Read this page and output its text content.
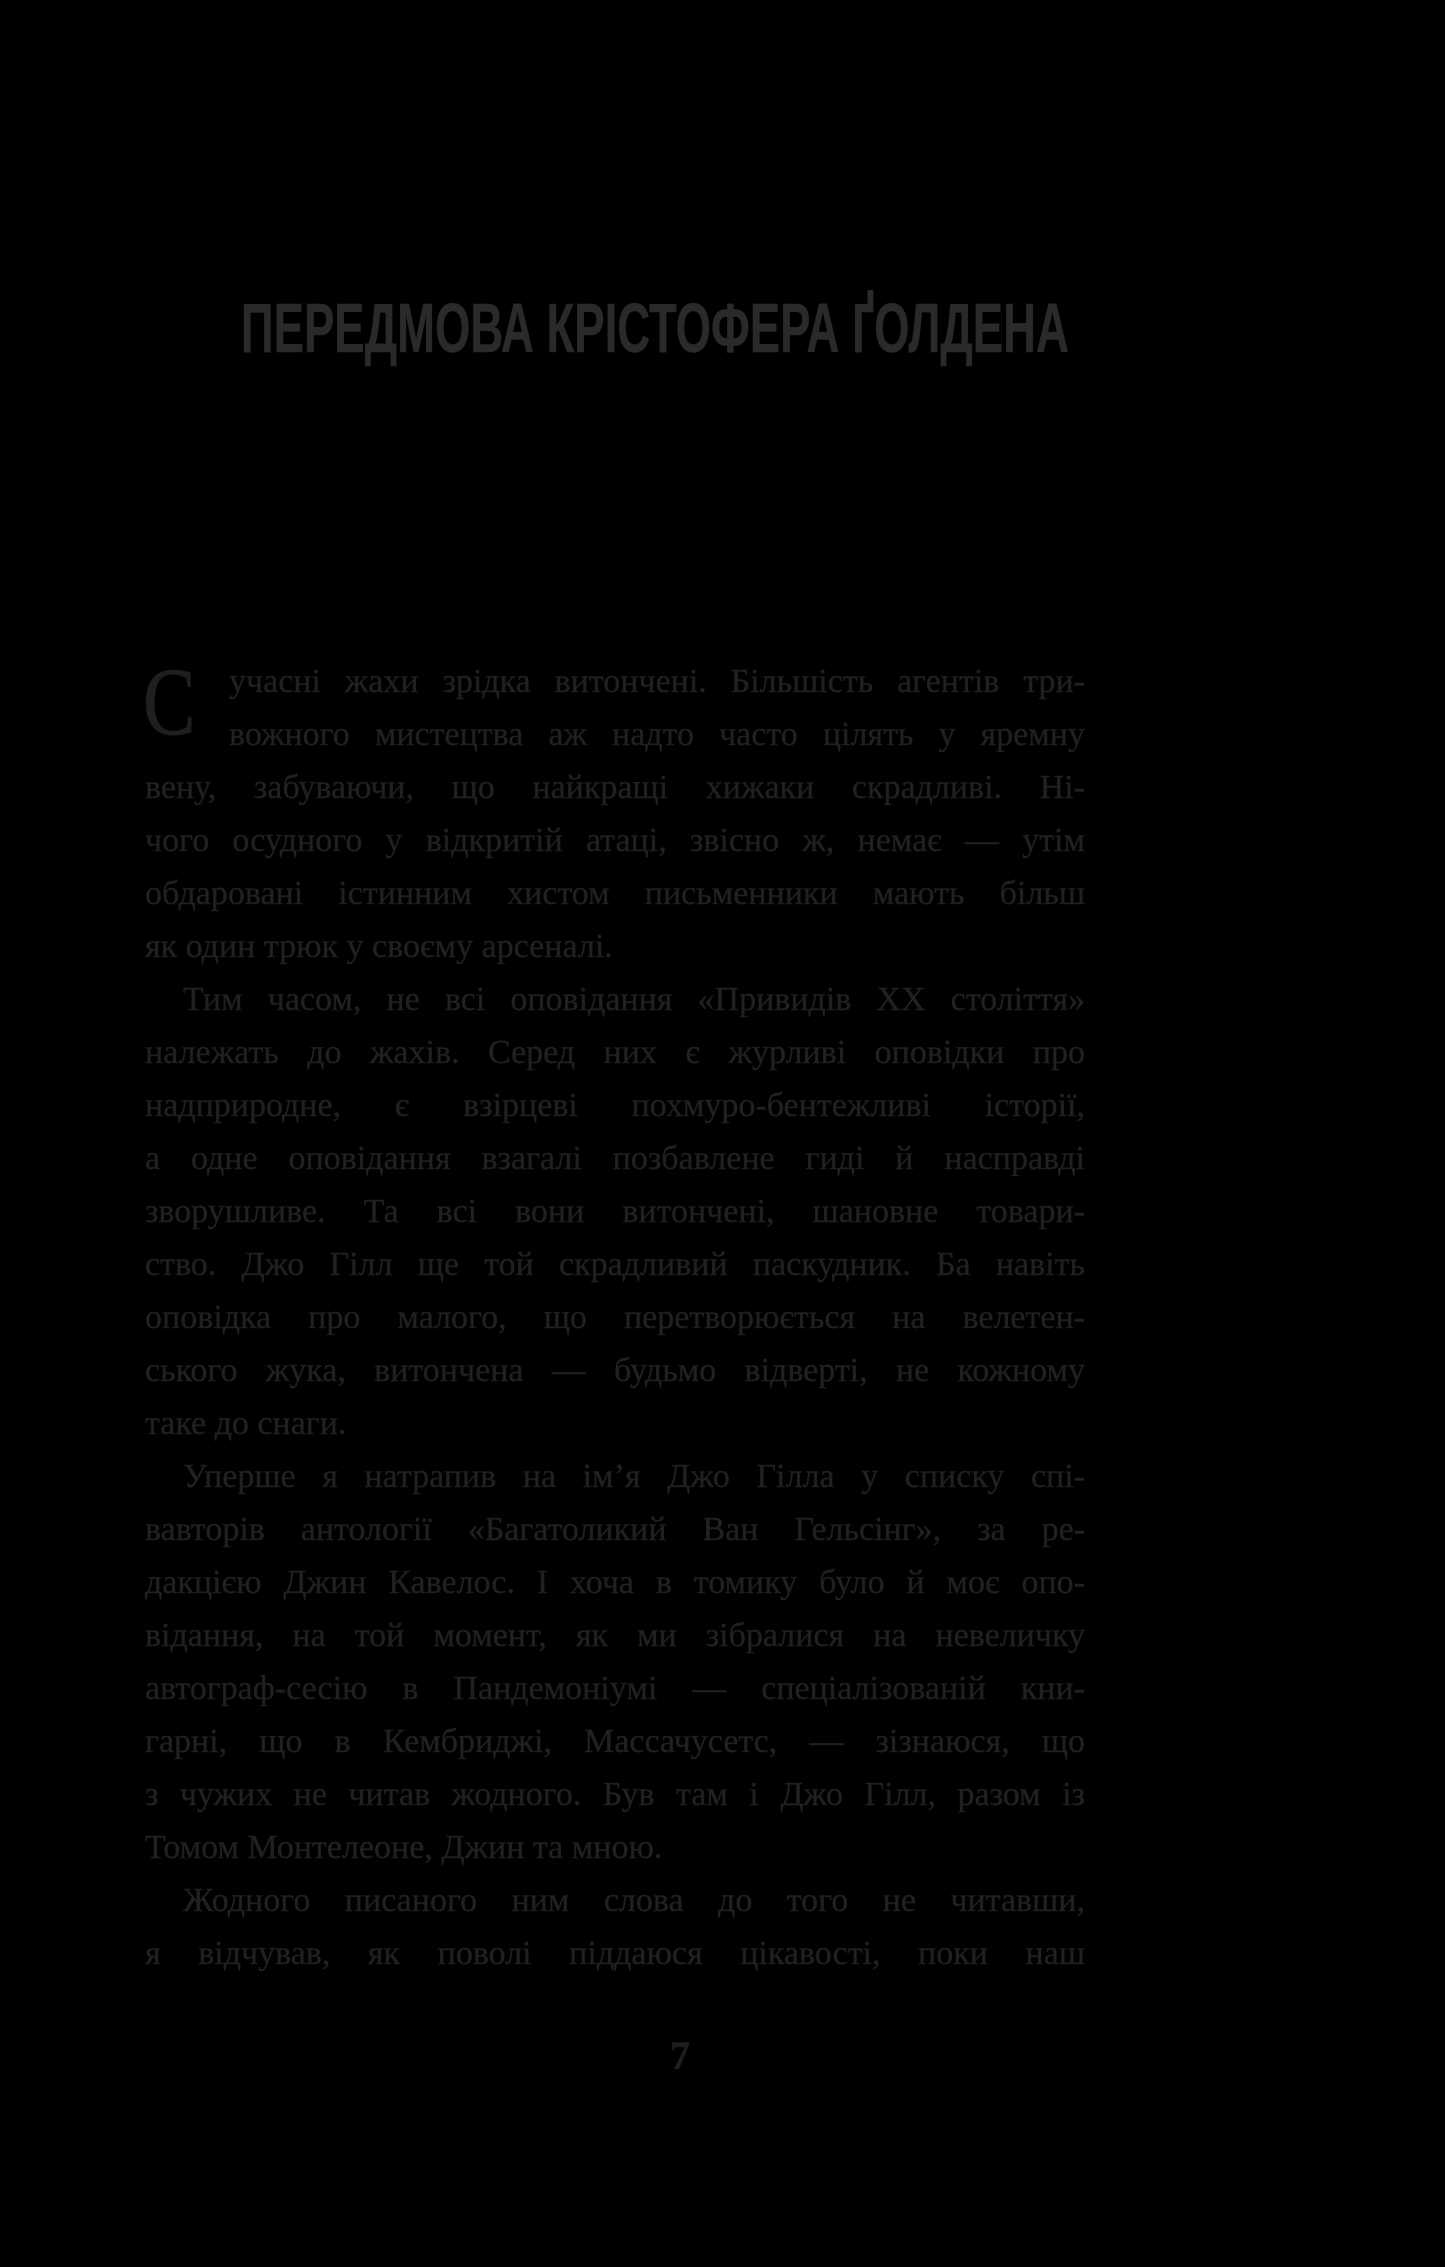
ПЕРЕДМОВА КРІСТОФЕРА ҐОЛДЕНА
С учасні жахи зрідка витончені. Більшість агентів три-
вожного мистецтва аж надто часто цілять у яремну
вену, забуваючи, що найкращі хижаки скрадливі. Ні-
чого осудного у відкритій атаці, звісно ж, немає — утім
обдаровані істинним хистом письменники мають більш
як один трюк у своєму арсеналі.
Тим часом, не всі оповідання «Привидів ХХ століття»
належать до жахів. Серед них є журливі оповідки про
надприродне, є взірцеві похмуро-бентежливі історії,
а одне оповідання взагалі позбавлене гиді й насправді
зворушливе. Та всі вони витончені, шановне товари-
ство. Джо Гілл ще той скрадливий паскудник. Ба навіть
оповідка про малого, що перетворюється на велетен-
ського жука, витончена — будьмо відверті, не кожному
таке до снаги.
Уперше я натрапив на ім’я Джо Гілла у списку спі-
вавторів антології «Багатоликий Ван Гельсінг», за ре-
дакцією Джин Кавелос. І хоча в томику було й моє опо-
відання, на той момент, як ми зібралися на невеличку
автограф-сесію в Пандемоніумі — спеціалізованій кни-
гарні, що в Кембриджі, Массачусетс, — зізнаюся, що
з чужих не читав жодного. Був там і Джо Гілл, разом із
Томом Монтелеоне, Джин та мною.
Жодного писаного ним слова до того не читавши,
я відчував, як поволі піддаюся цікавості, поки наш
7
